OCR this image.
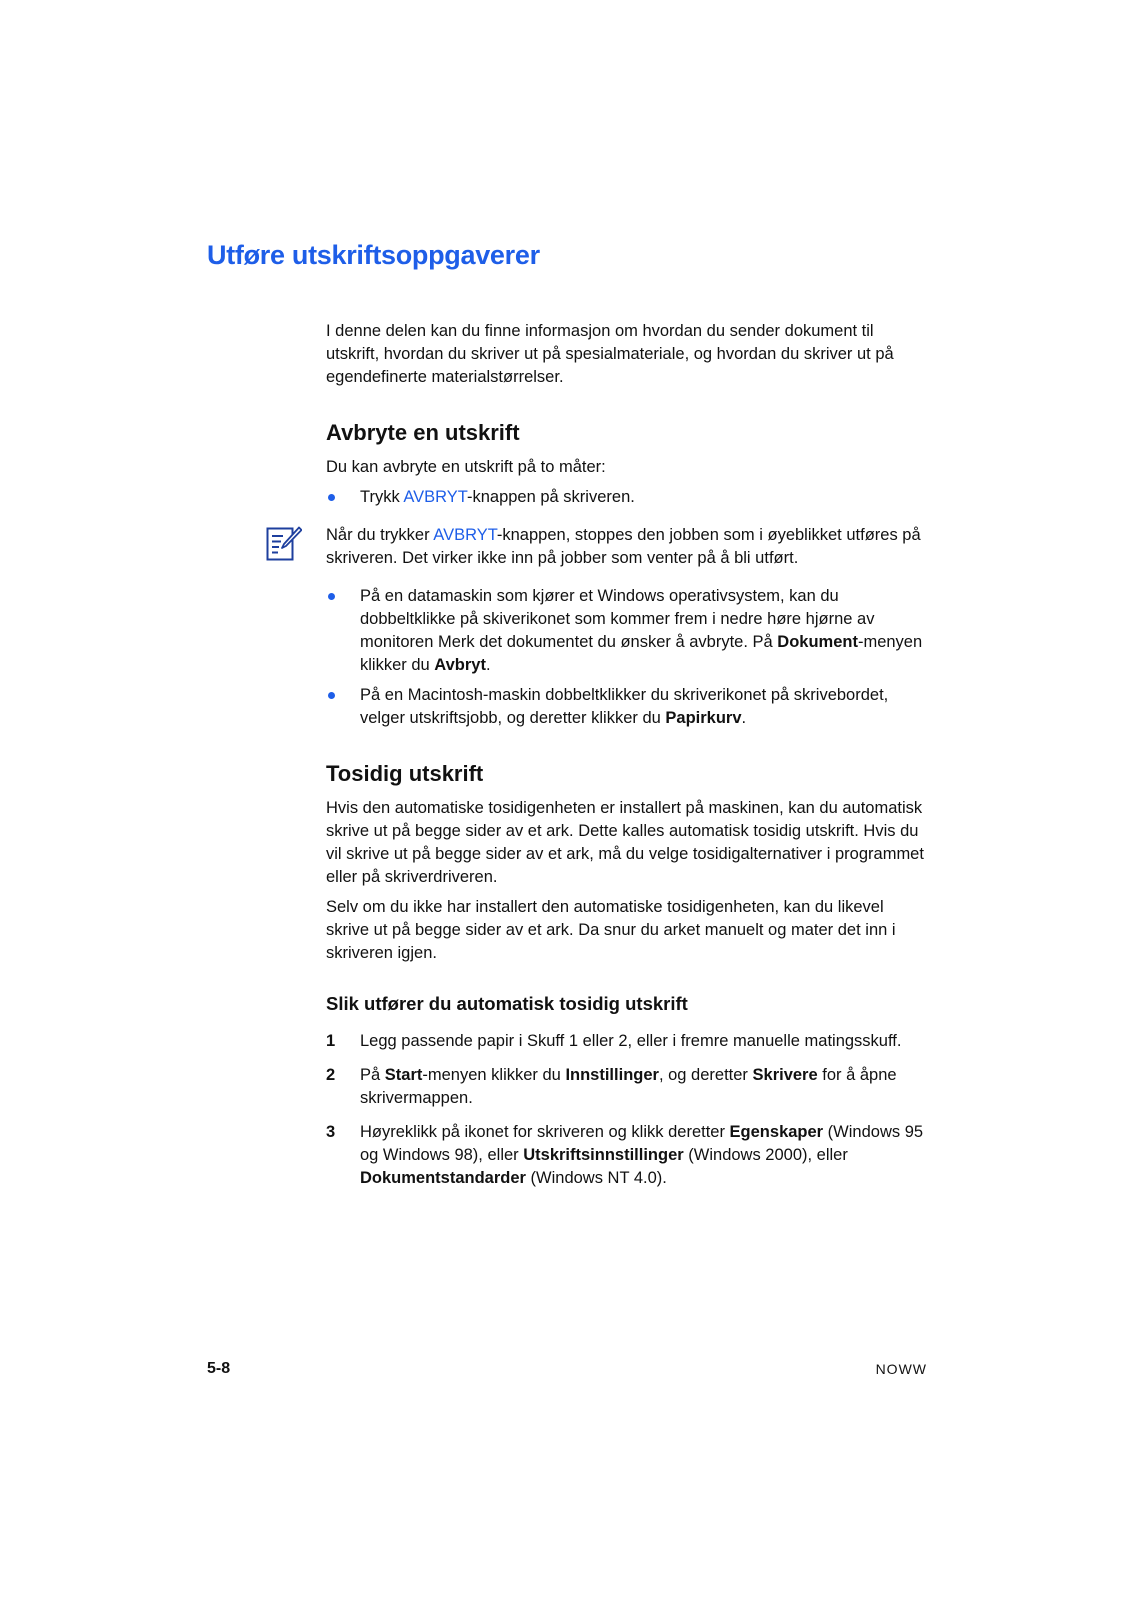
Utføre utskriftsoppgaverer

I denne delen kan du finne informasjon om hvordan du sender dokument til utskrift, hvordan du skriver ut på spesialmateriale, og hvordan du skriver ut på egendefinerte materialstørrelser.

Avbryte en utskrift

Du kan avbryte en utskrift på to måter:

Trykk AVBRYT-knappen på skriveren.
Når du trykker AVBRYT-knappen, stoppes den jobben som i øyeblikket utføres på skriveren. Det virker ikke inn på jobber som venter på å bli utført.
På en datamaskin som kjører et Windows operativsystem, kan du dobbeltklikke på skiverikonet som kommer frem i nedre høre hjørne av monitoren Merk det dokumentet du ønsker å avbryte. På Dokument-menyen klikker du Avbryt.
På en Macintosh-maskin dobbeltklikker du skriverikonet på skrivebordet, velger utskriftsjobb, og deretter klikker du Papirkurv.
Tosidig utskrift

Hvis den automatiske tosidigenheten er installert på maskinen, kan du automatisk skrive ut på begge sider av et ark. Dette kalles automatisk tosidig utskrift. Hvis du vil skrive ut på begge sider av et ark, må du velge tosidigalternativer i programmet eller på skriverdriveren.

Selv om du ikke har installert den automatiske tosidigenheten, kan du likevel skrive ut på begge sider av et ark. Da snur du arket manuelt og mater det inn i skriveren igjen.

Slik utfører du automatisk tosidig utskrift
1 Legg passende papir i Skuff 1 eller 2, eller i fremre manuelle matingsskuff.
2 På Start-menyen klikker du Innstillinger, og deretter Skrivere for å åpne skrivermappen.
3 Høyreklikk på ikonet for skriveren og klikk deretter Egenskaper (Windows 95 og Windows 98), eller Utskriftsinnstillinger (Windows 2000), eller Dokumentstandarder (Windows NT 4.0).
5-8	NOWW
